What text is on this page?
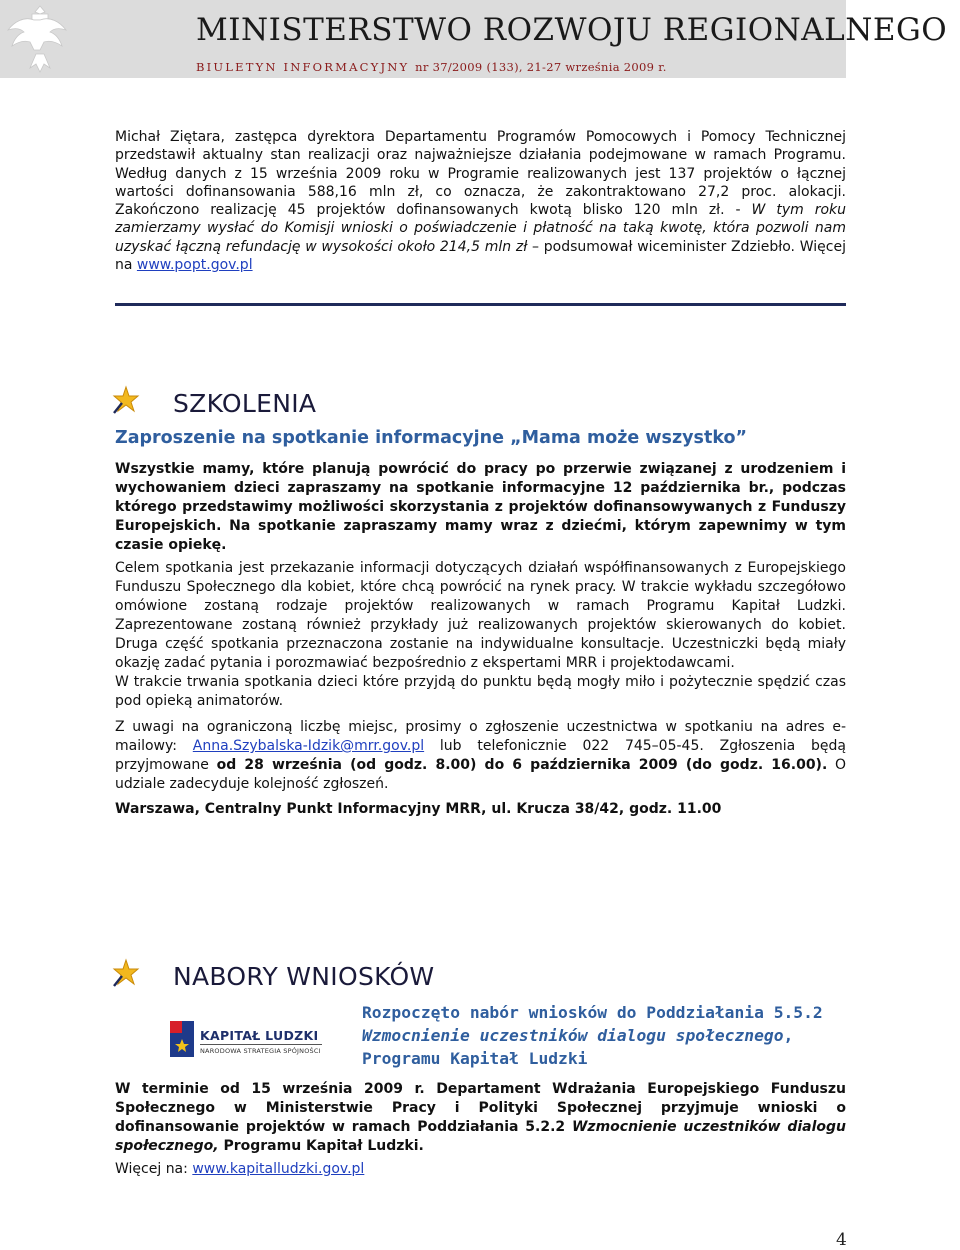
MINISTERSTWO ROZWOJU REGIONALNEGO
BIULETYN INFORMACYJNY nr 37/2009 (133), 21-27 września 2009 r.
Michał Ziętara, zastępca dyrektora Departamentu Programów Pomocowych i Pomocy Technicznej przedstawił aktualny stan realizacji oraz najważniejsze działania podejmowane w ramach Programu. Według danych z 15 września 2009 roku w Programie realizowanych jest 137 projektów o łącznej wartości dofinansowania 588,16 mln zł, co oznacza, że zakontraktowano 27,2 proc. alokacji. Zakończono realizację 45 projektów dofinansowanych kwotą blisko 120 mln zł. - W tym roku zamierzamy wysłać do Komisji wnioski o poświadczenie i płatność na taką kwotę, która pozwoli nam uzyskać łączną refundację w wysokości około 214,5 mln zł – podsumował wiceminister Zdziebło. Więcej na www.popt.gov.pl
SZKOLENIA
Zaproszenie na spotkanie informacyjne „Mama może wszystko”
Wszystkie mamy, które planują powrócić do pracy po przerwie związanej z urodzeniem i wychowaniem dzieci zapraszamy na spotkanie informacyjne 12 października br., podczas którego przedstawimy możliwości skorzystania z projektów dofinansowywanych z Funduszy Europejskich. Na spotkanie zapraszamy mamy wraz z dziećmi, którym zapewnimy w tym czasie opiekę.
Celem spotkania jest przekazanie informacji dotyczących działań współfinansowanych z Europejskiego Funduszu Społecznego dla kobiet, które chcą powrócić na rynek pracy. W trakcie wykładu szczegółowo omówione zostaną rodzaje projektów realizowanych w ramach Programu Kapitał Ludzki. Zaprezentowane zostaną również przykłady już realizowanych projektów skierowanych do kobiet. Druga część spotkania przeznaczona zostanie na indywidualne konsultacje. Uczestniczki będą miały okazję zadać pytania i porozmawiać bezpośrednio z ekspertami MRR i projektodawcami.
W trakcie trwania spotkania dzieci które przyjdą do punktu będą mogły miło i pożytecznie spędzić czas pod opieką animatorów.
Z uwagi na ograniczoną liczbę miejsc, prosimy o zgłoszenie uczestnictwa w spotkaniu na adres e-mailowy: Anna.Szybalska-Idzik@mrr.gov.pl lub telefonicznie 022 745–05-45. Zgłoszenia będą przyjmowane od 28 września (od godz. 8.00) do 6 października 2009 (do godz. 16.00). O udziale zadecyduje kolejność zgłoszeń.
Warszawa, Centralny Punkt Informacyjny MRR, ul. Krucza 38/42, godz. 11.00
NABORY WNIOSKÓW
Rozpoczęto nabór wniosków do Poddziałania 5.5.2
Wzmocnienie uczestników dialogu społecznego, Programu Kapitał Ludzki
KAPITAŁ LUDZKI
NARODOWA STRATEGIA SPÓJNOŚCI
W terminie od 15 września 2009 r. Departament Wdrażania Europejskiego Funduszu Społecznego w Ministerstwie Pracy i Polityki Społecznej przyjmuje wnioski o dofinansowanie projektów w ramach Poddziałania 5.2.2 Wzmocnienie uczestników dialogu społecznego, Programu Kapitał Ludzki.
Więcej na: www.kapitalludzki.gov.pl
4
